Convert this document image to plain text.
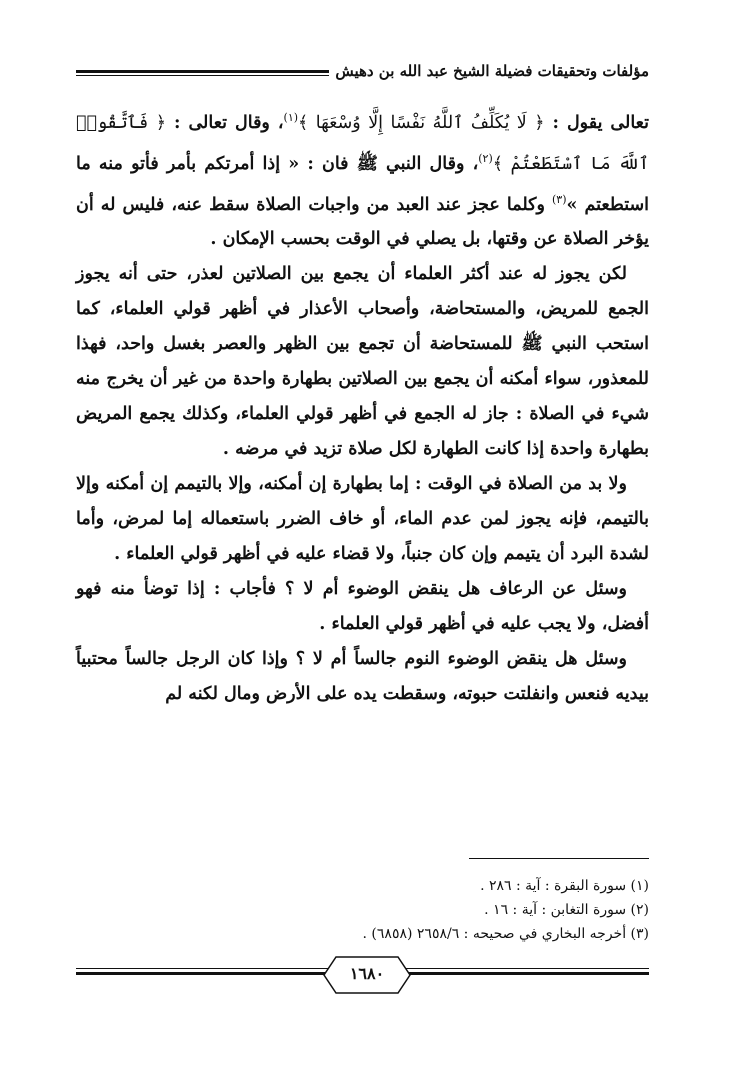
مؤلفات وتحقيقات فضيلة الشيخ عبد الله بن دهيش

تعالى يقول : ﴿ لَا يُكَلِّفُ ٱللَّهُ نَفْسًا إِلَّا وُسْعَهَا ﴾$^{(١)}$، وقال تعالى : ﴿ فَٱتَّقُوا۟ ٱللَّهَ مَا ٱسْتَطَعْتُمْ ﴾$^{(٢)}$، وقال النبي ﷺ فان : « إذا أمرتكم بأمر فأتو منه ما استطعتم »$^{(٣)}$ وكلما عجز عند العبد من واجبات الصلاة سقط عنه، فليس له أن يؤخر الصلاة عن وقتها، بل يصلي في الوقت بحسب الإمكان .

لكن يجوز له عند أكثر العلماء أن يجمع بين الصلاتين لعذر، حتى أنه يجوز الجمع للمريض، والمستحاضة، وأصحاب الأعذار في أظهر قولي العلماء، كما استحب النبي ﷺ للمستحاضة أن تجمع بين الظهر والعصر بغسل واحد، فهذا للمعذور، سواء أمكنه أن يجمع بين الصلاتين بطهارة واحدة من غير أن يخرج منه شيء في الصلاة : جاز له الجمع في أظهر قولي العلماء، وكذلك يجمع المريض بطهارة واحدة إذا كانت الطهارة لكل صلاة تزيد في مرضه .

ولا بد من الصلاة في الوقت : إما بطهارة إن أمكنه، وإلا بالتيمم إن أمكنه وإلا بالتيمم، فإنه يجوز لمن عدم الماء، أو خاف الضرر باستعماله إما لمرض، وأما لشدة البرد أن يتيمم وإن كان جنباً، ولا قضاء عليه في أظهر قولي العلماء .

وسئل عن الرعاف هل ينقض الوضوء أم لا ؟ فأجاب : إذا توضأ منه فهو أفضل، ولا يجب عليه في أظهر قولي العلماء .

وسئل هل ينقض الوضوء النوم جالساً أم لا ؟ وإذا كان الرجل جالساً محتبياً بيديه فنعس وانفلتت حبوته، وسقطت يده على الأرض ومال لكنه لم

(١) سورة البقرة : آية : ٢٨٦ .
(٢) سورة التغابن : آية : ١٦ .
(٣) أخرجه البخاري في صحيحه : ٢٦٥٨/٦ (٦٨٥٨) .
١٦٨٠
